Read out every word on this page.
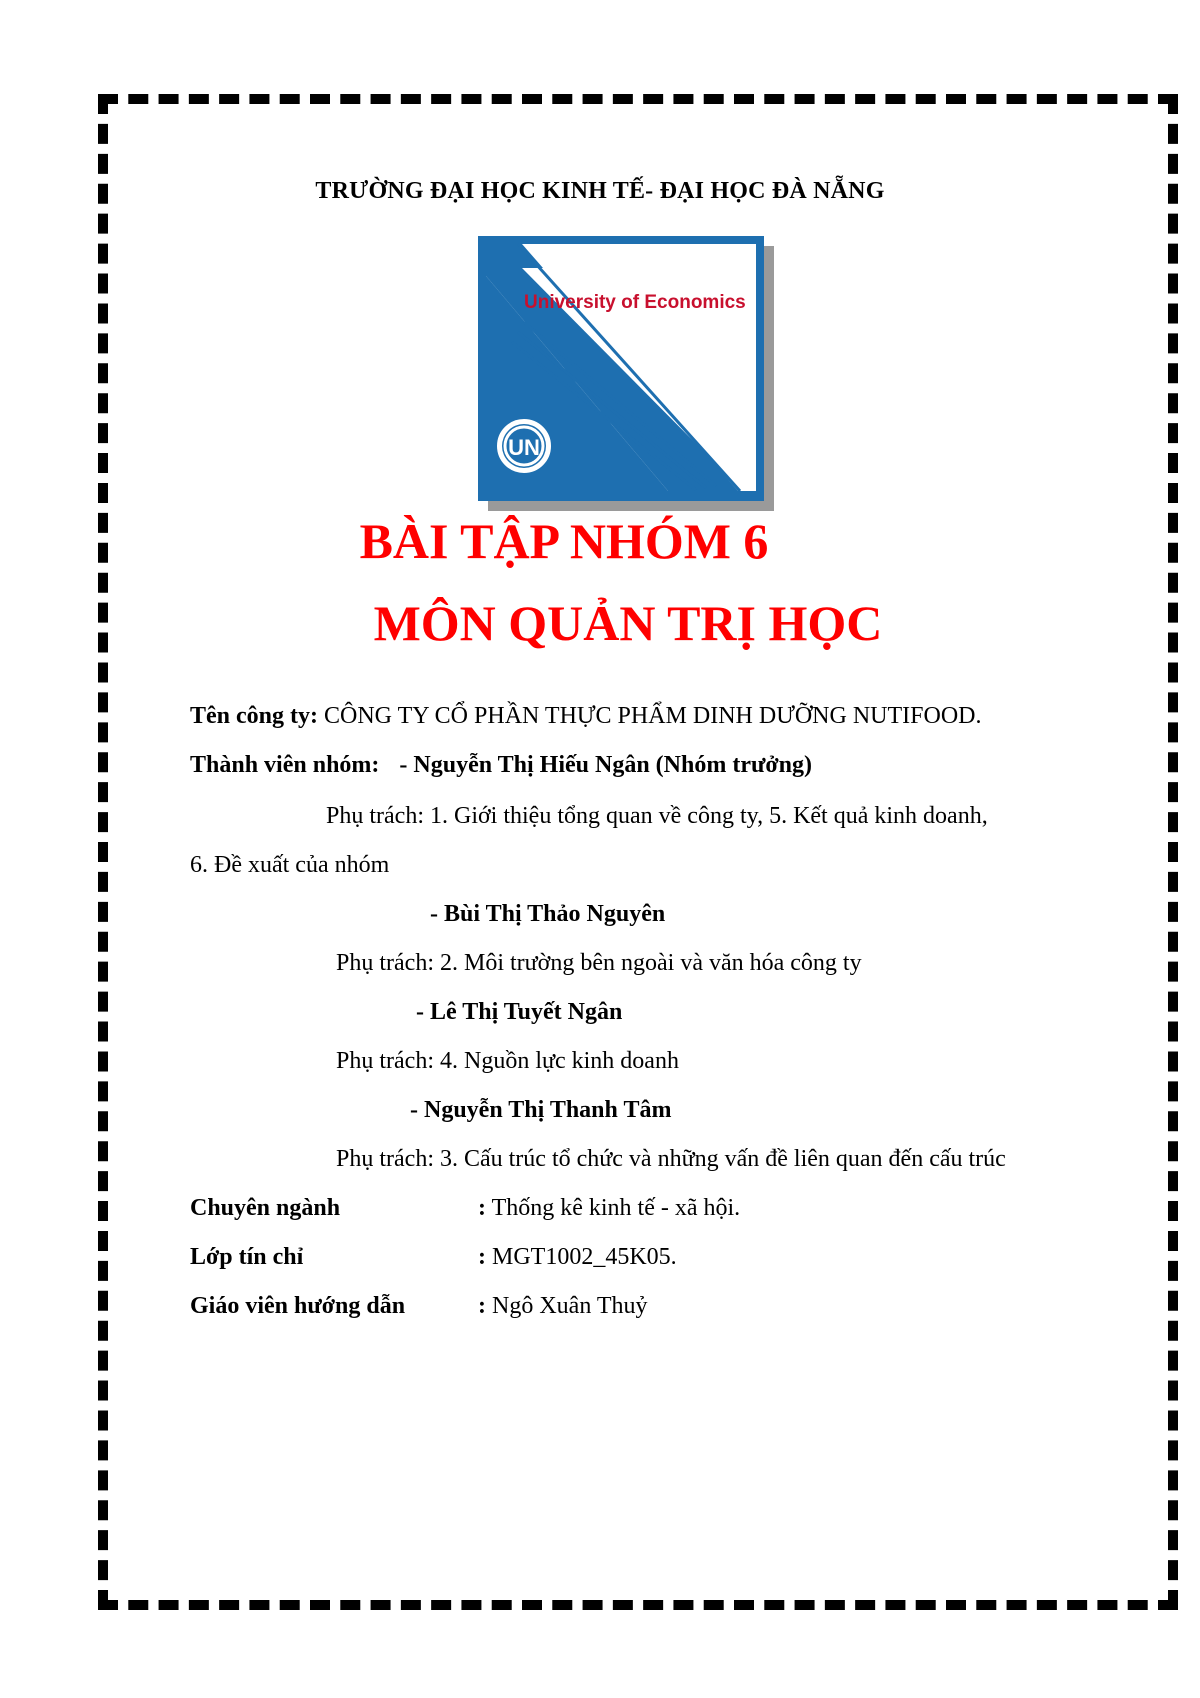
TRƯỜNG ĐẠI HỌC KINH TẾ- ĐẠI HỌC ĐÀ NẴNG
University of Economics
UN
BÀI TẬP NHÓM 6
MÔN QUẢN TRỊ HỌC
Tên công ty: CÔNG TY CỔ PHẦN THỰC PHẨM DINH DƯỠNG NUTIFOOD.
Thành viên nhóm: - Nguyễn Thị Hiếu Ngân (Nhóm trưởng)
Phụ trách: 1. Giới thiệu tổng quan về công ty, 5. Kết quả kinh doanh,
6. Đề xuất của nhóm
- Bùi Thị Thảo Nguyên
Phụ trách: 2. Môi trường bên ngoài và văn hóa công ty
- Lê Thị Tuyết Ngân
Phụ trách: 4. Nguồn lực kinh doanh
- Nguyễn Thị Thanh Tâm
Phụ trách: 3. Cấu trúc tổ chức và những vấn đề liên quan đến cấu trúc
Chuyên ngành	: Thống kê kinh tế - xã hội.
Lớp tín chỉ	: MGT1002_45K05.
Giáo viên hướng dẫn	: Ngô Xuân Thuỷ
